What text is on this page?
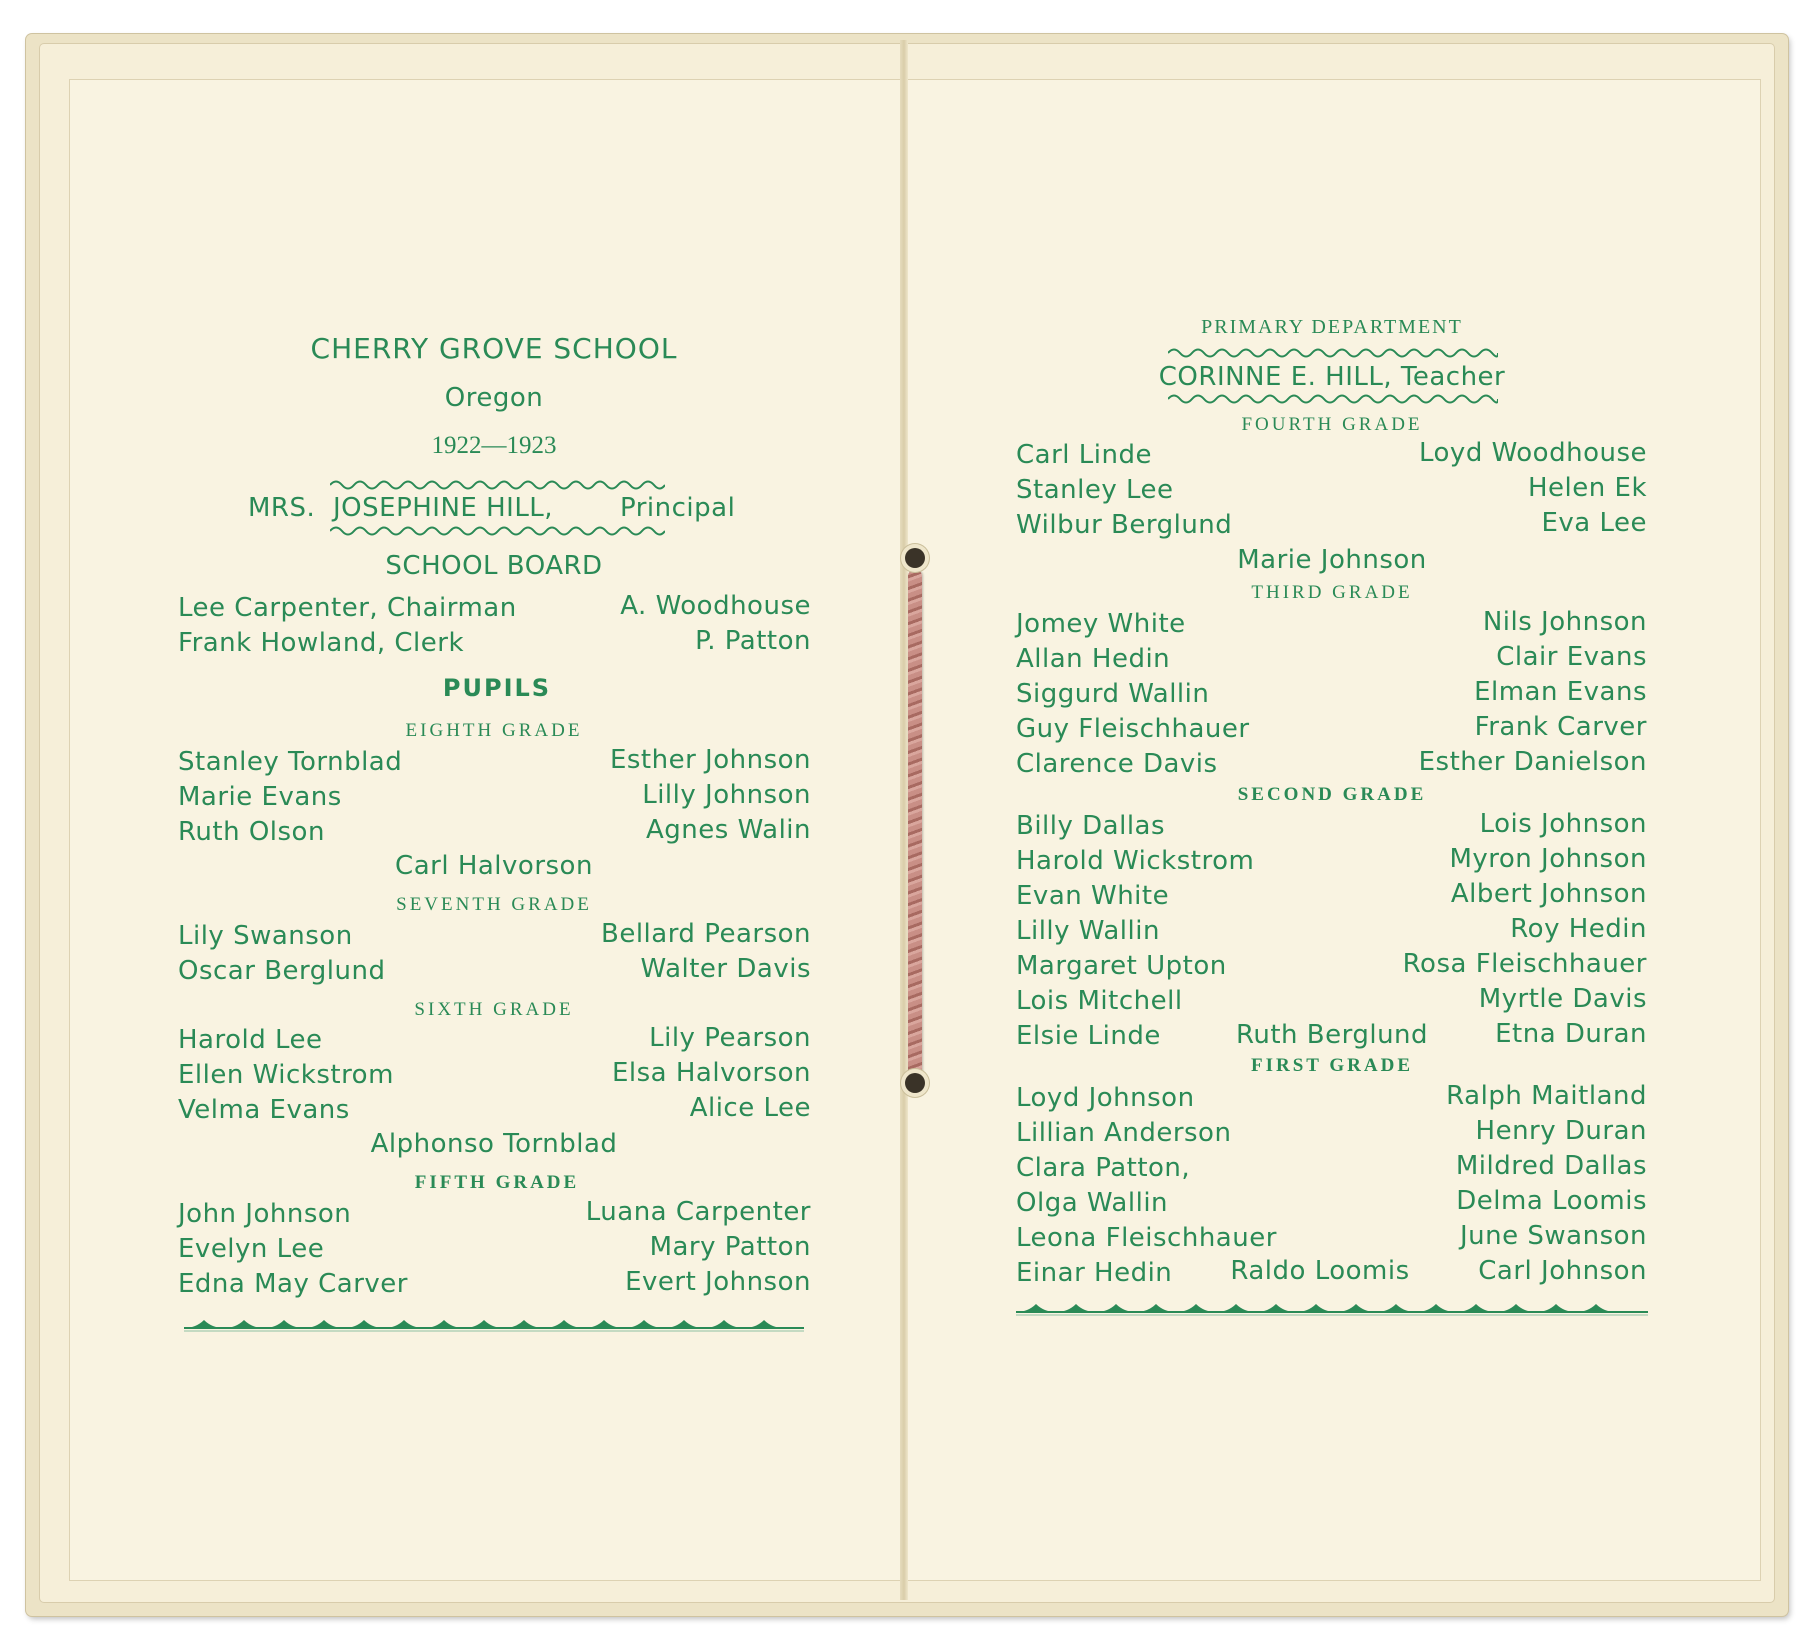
CHERRY GROVE SCHOOL
Oregon
1922—1923
MRS. JOSEPHINE HILL,	Principal
SCHOOL BOARD
Lee Carpenter, Chairman
Frank Howland, Clerk
A. Woodhouse
P. Patton
PUPILS
EIGHTH GRADE
Stanley Tornblad
Marie Evans
Ruth Olson
Esther Johnson
Lilly Johnson
Agnes Walin
Carl Halvorson
SEVENTH GRADE
Lily Swanson
Oscar Berglund
Bellard Pearson
Walter Davis
SIXTH GRADE
Harold Lee
Ellen Wickstrom
Velma Evans
Lily Pearson
Elsa Halvorson
Alice Lee
Alphonso Tornblad
FIFTH GRADE
John Johnson
Evelyn Lee
Edna May Carver
Luana Carpenter
Mary Patton
Evert Johnson
PRIMARY DEPARTMENT
CORINNE E. HILL, Teacher
FOURTH GRADE
Carl Linde
Stanley Lee
Wilbur Berglund
Loyd Woodhouse
Helen Ek
Eva Lee
Marie Johnson
THIRD GRADE
Jomey White
Allan Hedin
Siggurd Wallin
Guy Fleischhauer
Clarence Davis
Nils Johnson
Clair Evans
Elman Evans
Frank Carver
Esther Danielson
SECOND GRADE
Billy Dallas
Harold Wickstrom
Evan White
Lilly Wallin
Margaret Upton
Lois Mitchell
Elsie Linde
Lois Johnson
Myron Johnson
Albert Johnson
Roy Hedin
Rosa Fleischhauer
Myrtle Davis
Etna Duran
Ruth Berglund
FIRST GRADE
Loyd Johnson
Lillian Anderson
Clara Patton,
Olga Wallin
Leona Fleischhauer
Einar Hedin
Ralph Maitland
Henry Duran
Mildred Dallas
Delma Loomis
June Swanson
Carl Johnson
Raldo Loomis
